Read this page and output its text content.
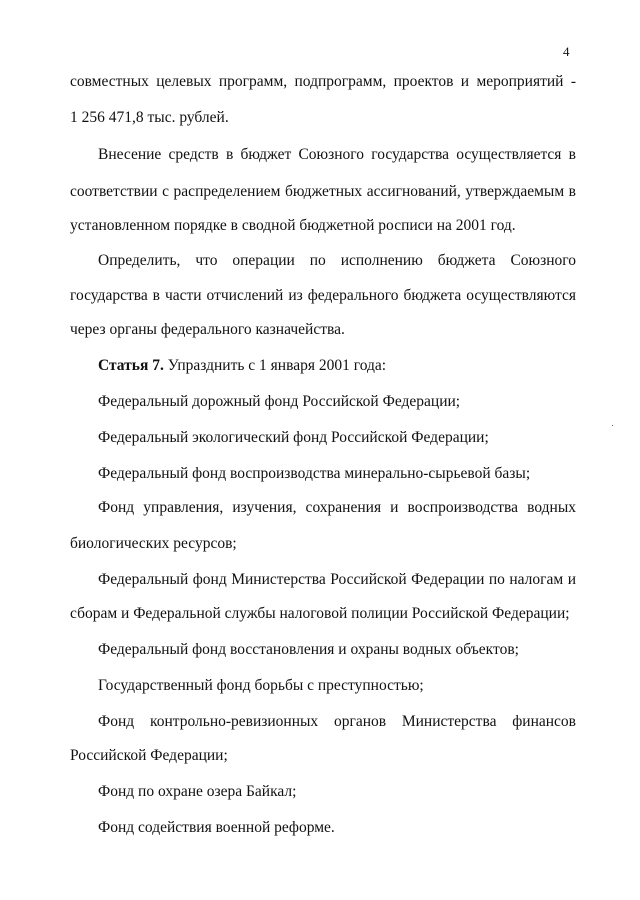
4
совместных целевых программ, подпрограмм, проектов и мероприятий -
1 256 471,8 тыс. рублей.
Внесение средств в бюджет Союзного государства осуществляется в
соответствии с распределением бюджетных ассигнований, утверждаемым в
установленном порядке в сводной бюджетной росписи на 2001 год.
Определить, что операции по исполнению бюджета Союзного
государства в части отчислений из федерального бюджета осуществляются
через органы федерального казначейства.
Статья 7. Упразднить с 1 января 2001 года:
Федеральный дорожный фонд Российской Федерации;
Федеральный экологический фонд Российской Федерации;
Федеральный фонд воспроизводства минерально-сырьевой базы;
Фонд управления, изучения, сохранения и воспроизводства водных
биологических ресурсов;
Федеральный фонд Министерства Российской Федерации по налогам и
сборам и Федеральной службы налоговой полиции Российской Федерации;
Федеральный фонд восстановления и охраны водных объектов;
Государственный фонд борьбы с преступностью;
Фонд контрольно-ревизионных органов Министерства финансов
Российской Федерации;
Фонд по охране озера Байкал;
Фонд содействия военной реформе.
